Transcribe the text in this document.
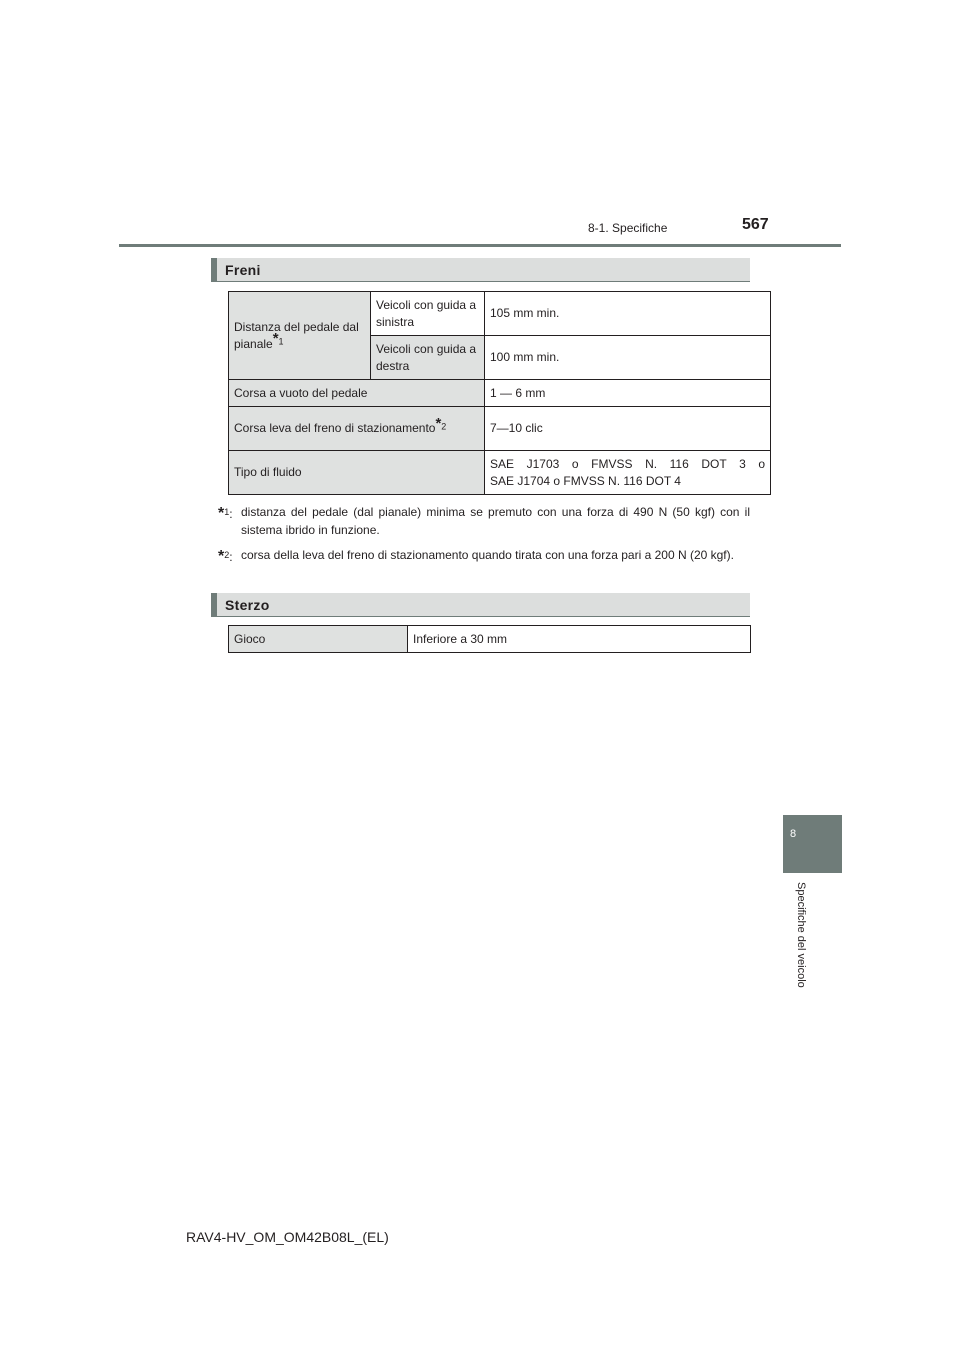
8-1. Specifiche	567
Freni
Distanza del pedale dal pianale$^{*1}$	Veicoli con guida a sinistra	105 mm min.
	Veicoli con guida a destra	100 mm min.
Corsa a vuoto del pedale		1 — 6 mm
Corsa leva del freno di stazionamento$^{*2}$		7—10 clic
Tipo di fluido		SAE J1703 o FMVSS N. 116 DOT 3 o
SAE J1704 o FMVSS N. 116 DOT 4
*$^1$: distanza del pedale (dal pianale) minima se premuto con una forza di 490 N (50 kgf) con il sistema ibrido in funzione.
*$^2$: corsa della leva del freno di stazionamento quando tirata con una forza pari a 200 N (20 kgf).
Sterzo
Gioco	Inferiore a 30 mm
8
Specifiche del veicolo
RAV4-HV_OM_OM42B08L_(EL)
